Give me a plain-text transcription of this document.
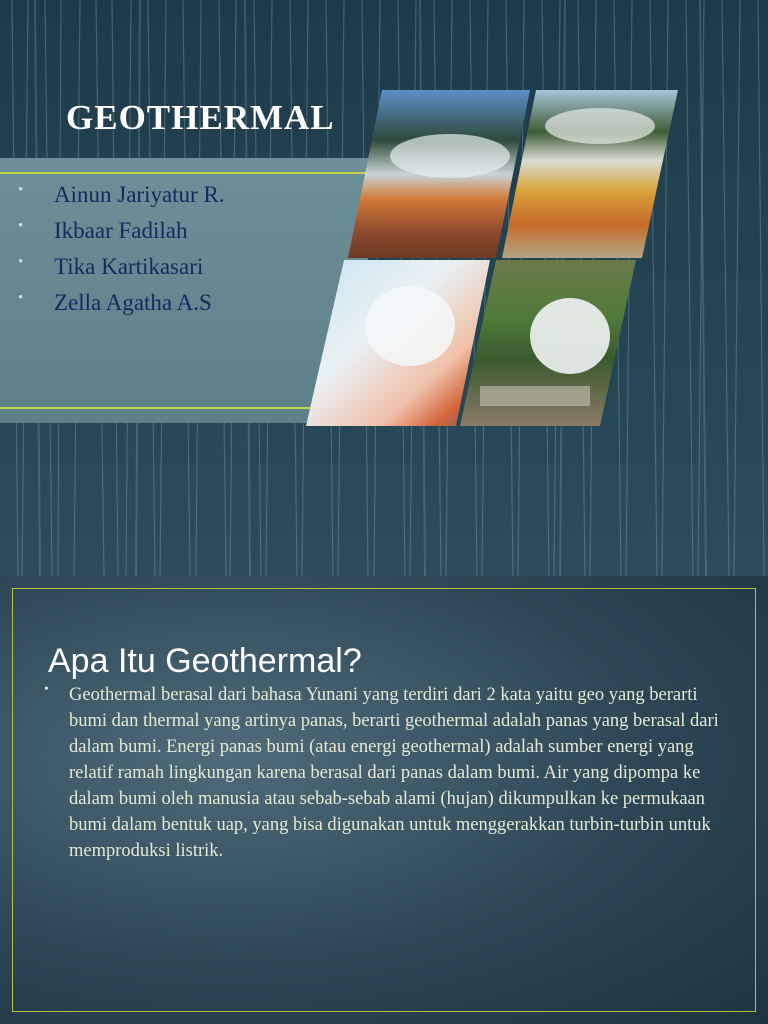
GEOTHERMAL
• Ainun Jariyatur R.
• Ikbaar Fadilah
• Tika Kartikasari
• Zella Agatha A.S
Apa Itu Geothermal?
• Geothermal berasal dari bahasa Yunani yang terdiri dari 2 kata yaitu geo yang berarti bumi dan thermal yang artinya panas, berarti geothermal adalah panas yang berasal dari dalam bumi. Energi panas bumi (atau energi geothermal) adalah sumber energi yang relatif ramah lingkungan karena berasal dari panas dalam bumi. Air yang dipompa ke dalam bumi oleh manusia atau sebab-sebab alami (hujan) dikumpulkan ke permukaan bumi dalam bentuk uap, yang bisa digunakan untuk menggerakkan turbin-turbin untuk memproduksi listrik.
